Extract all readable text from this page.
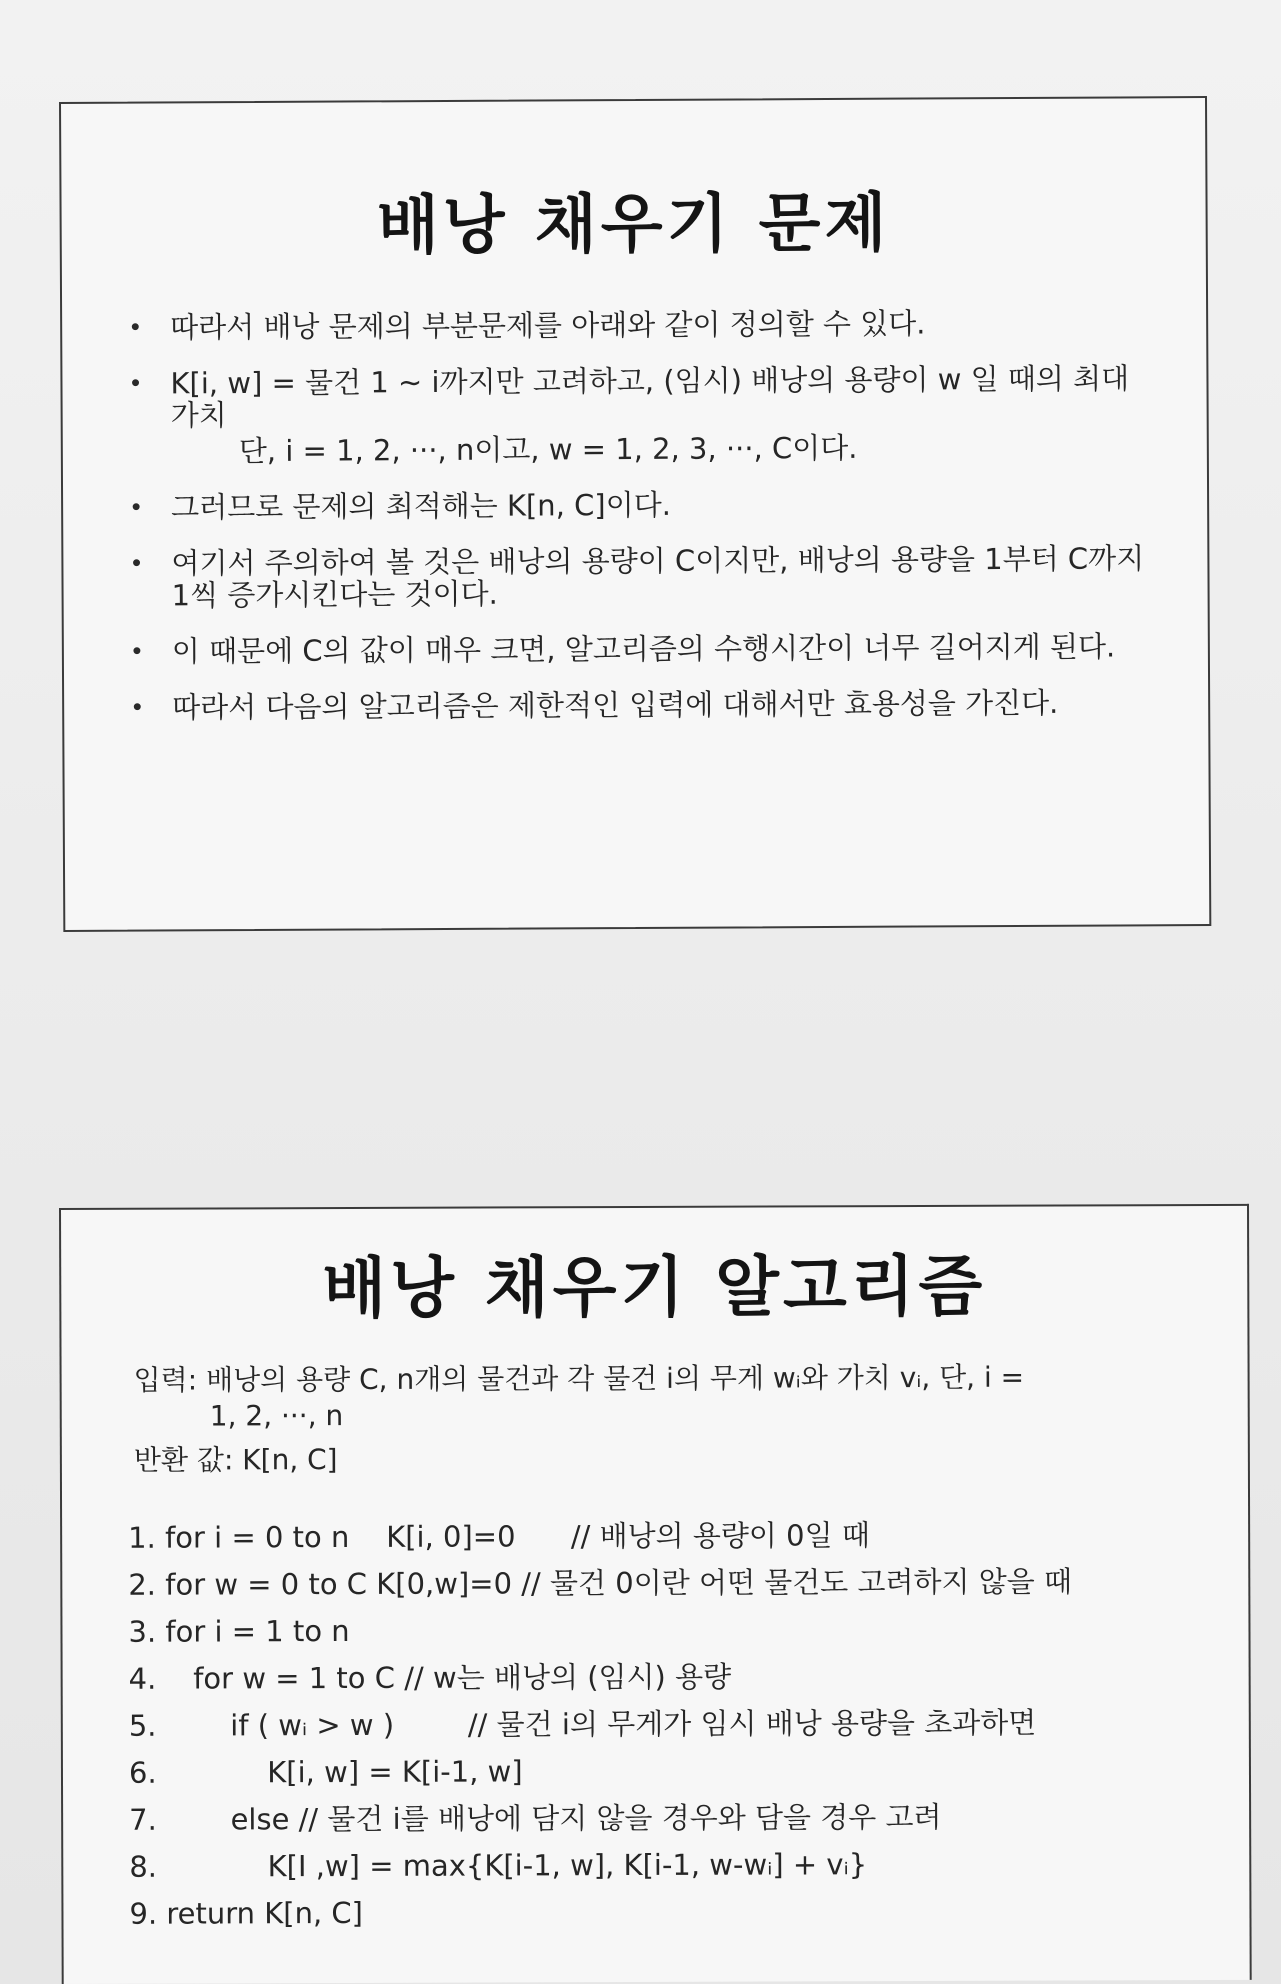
배낭 채우기 문제
• 따라서 배낭 문제의 부분문제를 아래와 같이 정의할 수 있다.
• K[i, w] = 물건 1 ~ i까지만 고려하고, (임시) 배낭의 용량이 w 일 때의 최대 가치
단, i = 1, 2, ···, n이고, w = 1, 2, 3, ···, C이다.
• 그러므로 문제의 최적해는 K[n, C]이다.
• 여기서 주의하여 볼 것은 배낭의 용량이 C이지만, 배낭의 용량을 1부터 C까지 1씩 증가시킨다는 것이다.
• 이 때문에 C의 값이 매우 크면, 알고리즘의 수행시간이 너무 길어지게 된다.
• 따라서 다음의 알고리즘은 제한적인 입력에 대해서만 효용성을 가진다.
배낭 채우기 알고리즘
입력: 배낭의 용량 C, n개의 물건과 각 물건 i의 무게 wᵢ와 가치 vᵢ, 단, i =
1, 2, ···, n
반환 값: K[n, C]
1. for i = 0 to n    K[i, 0]=0      // 배낭의 용량이 0일 때
2. for w = 0 to C K[0,w]=0 // 물건 0이란 어떤 물건도 고려하지 않을 때
3. for i = 1 to n
4.    for w = 1 to C // w는 배낭의 (임시) 용량
5.        if ( wᵢ > w )        // 물건 i의 무게가 임시 배낭 용량을 초과하면
6.            K[i, w] = K[i-1, w]
7.        else // 물건 i를 배낭에 담지 않을 경우와 담을 경우 고려
8.            K[I ,w] = max{K[i-1, w], K[i-1, w-wᵢ] + vᵢ}
9. return K[n, C]
